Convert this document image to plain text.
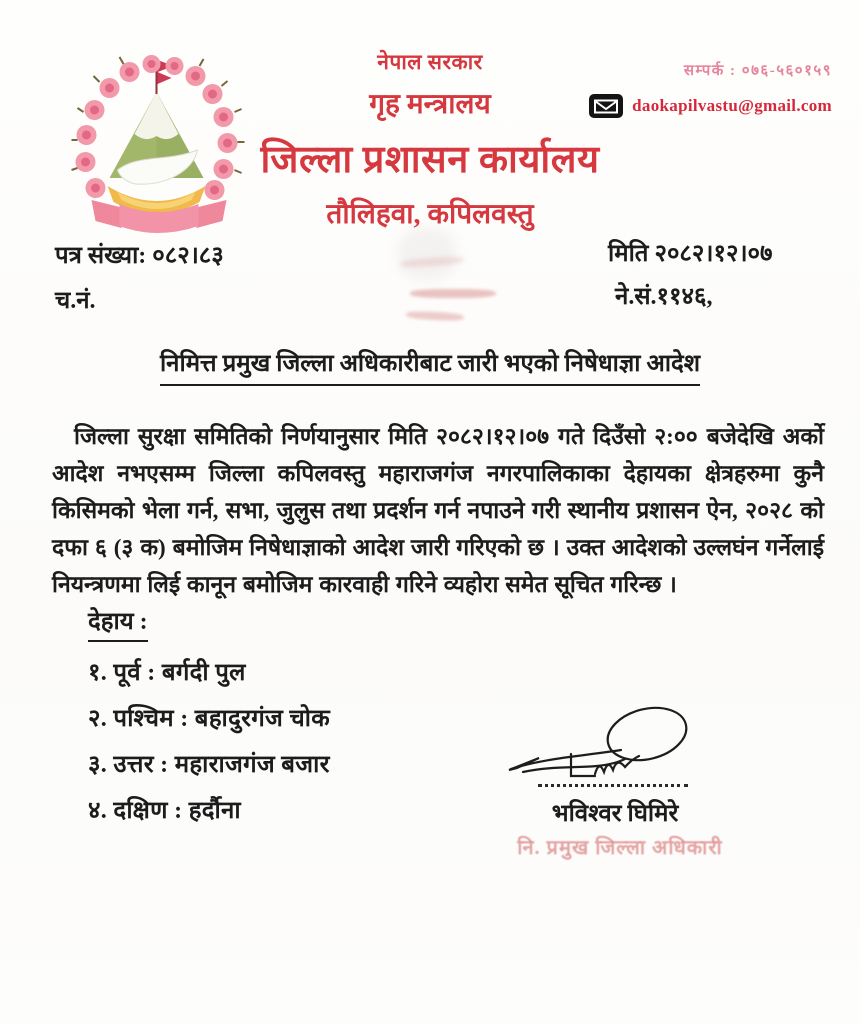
नेपाल सरकार
गृह मन्त्रालय
जिल्ला प्रशासन कार्यालय
तौलिहवा, कपिलवस्तु
सम्पर्क : ०७६-५६०१५९
daokapilvastu@gmail.com
पत्र संख्या: ०८२।८३
च.नं.
मिति २०८२।१२।०७
ने.सं.११४६,
निमित्त प्रमुख जिल्ला अधिकारीबाट जारी भएको निषेधाज्ञा आदेश
जिल्ला सुरक्षा समितिको निर्णयानुसार मिति २०८२।१२।०७ गते दिउँसो २:०० बजेदेखि अर्को आदेश नभएसम्म जिल्ला कपिलवस्तु महाराजगंज नगरपालिकाका देहायका क्षेत्रहरुमा कुनै किसिमको भेला गर्न, सभा, जुलुस तथा प्रदर्शन गर्न नपाउने गरी स्थानीय प्रशासन ऐन, २०२८ को दफा ६ (३ क) बमोजिम निषेधाज्ञाको आदेश जारी गरिएको छ । उक्त आदेशको उल्लघंन गर्नेलाई नियन्त्रणमा लिई कानून बमोजिम कारवाही गरिने व्यहोरा समेत सूचित गरिन्छ ।
देहाय :
१. पूर्व : बर्गदी पुल
२. पश्चिम : बहादुरगंज चोक
३. उत्तर : महाराजगंज बजार
४. दक्षिण : हर्दौना	भविश्वर घिमिरे
नि. प्रमुख जिल्ला अधिकारी
